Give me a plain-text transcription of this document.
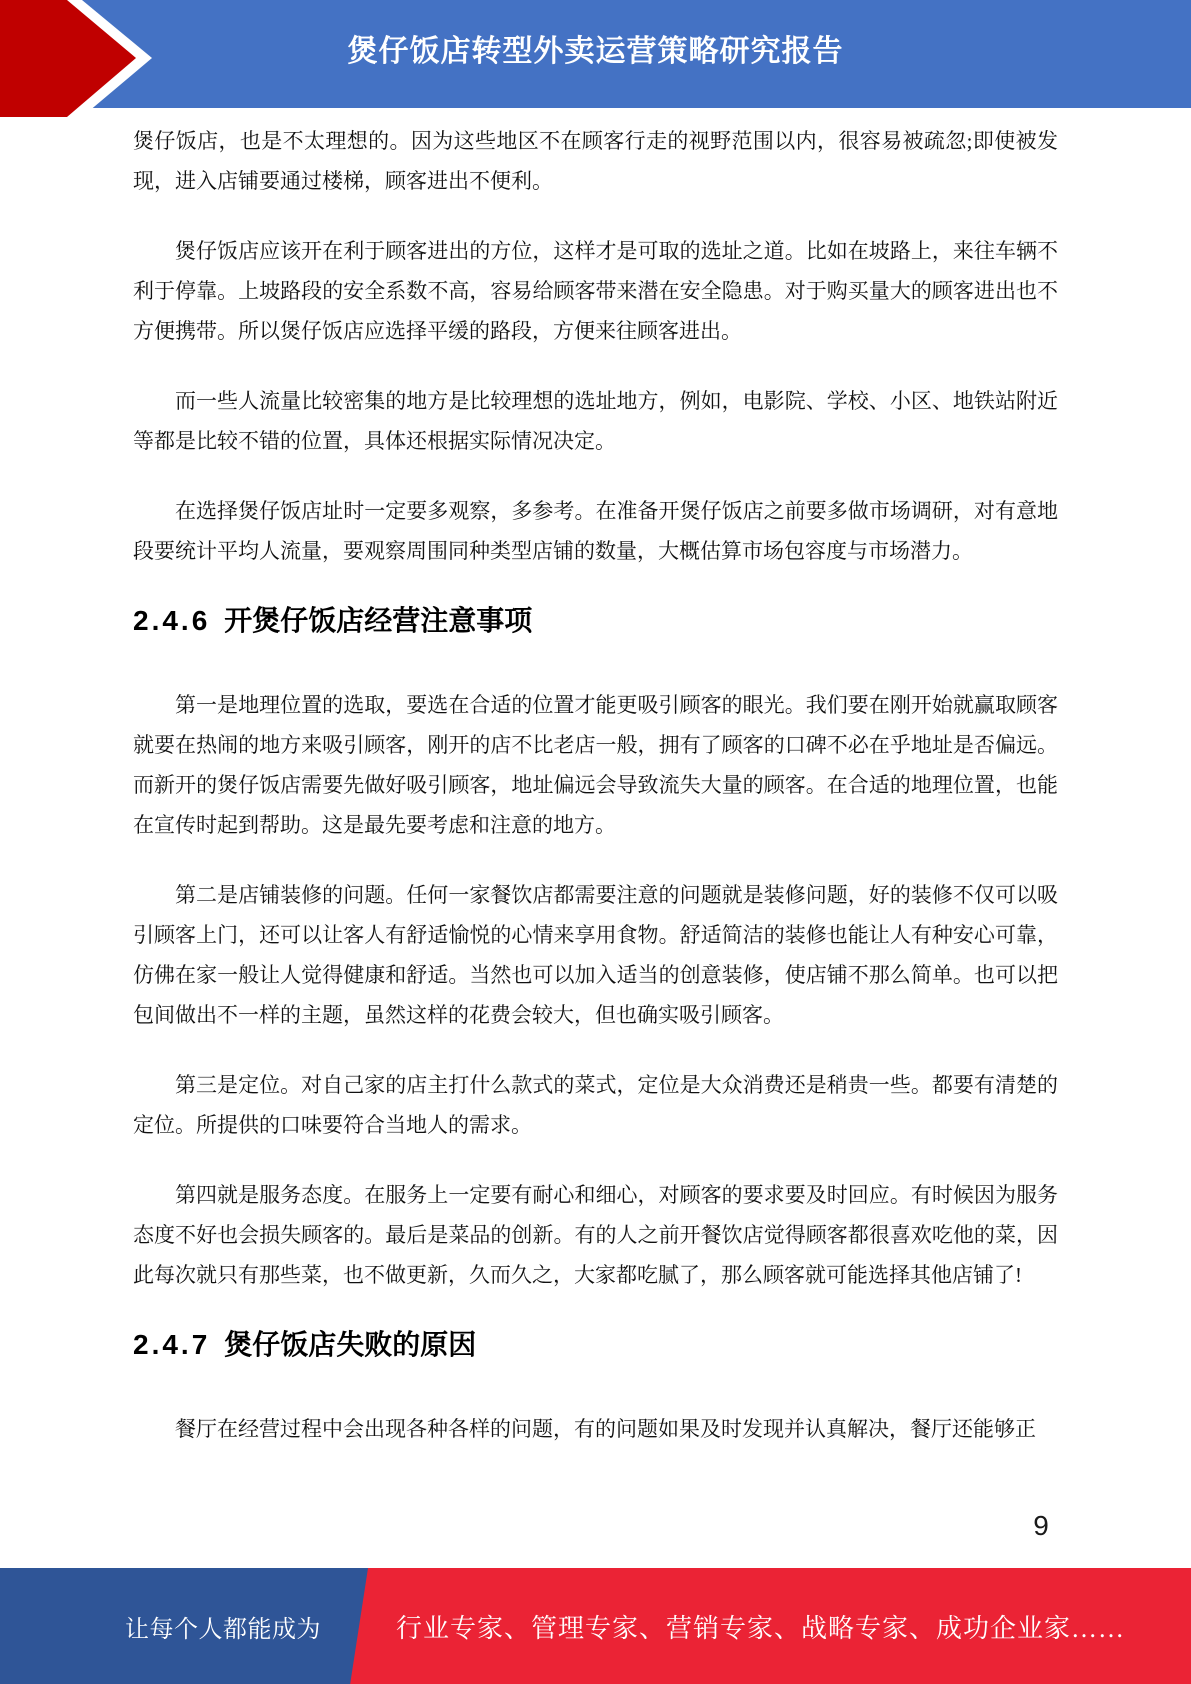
煲仔饭店转型外卖运营策略研究报告

煲仔饭店，也是不太理想的。因为这些地区不在顾客行走的视野范围以内，很容易被疏忽;即使被发现，进入店铺要通过楼梯，顾客进出不便利。

煲仔饭店应该开在利于顾客进出的方位，这样才是可取的选址之道。比如在坡路上，来往车辆不利于停靠。上坡路段的安全系数不高，容易给顾客带来潜在安全隐患。对于购买量大的顾客进出也不方便携带。所以煲仔饭店应选择平缓的路段，方便来往顾客进出。

而一些人流量比较密集的地方是比较理想的选址地方，例如，电影院、学校、小区、地铁站附近等都是比较不错的位置，具体还根据实际情况决定。

在选择煲仔饭店址时一定要多观察，多参考。在准备开煲仔饭店之前要多做市场调研，对有意地段要统计平均人流量，要观察周围同种类型店铺的数量，大概估算市场包容度与市场潜力。

2.4.6 开煲仔饭店经营注意事项

第一是地理位置的选取，要选在合适的位置才能更吸引顾客的眼光。我们要在刚开始就赢取顾客就要在热闹的地方来吸引顾客，刚开的店不比老店一般，拥有了顾客的口碑不必在乎地址是否偏远。而新开的煲仔饭店需要先做好吸引顾客，地址偏远会导致流失大量的顾客。在合适的地理位置，也能在宣传时起到帮助。这是最先要考虑和注意的地方。

第二是店铺装修的问题。任何一家餐饮店都需要注意的问题就是装修问题，好的装修不仅可以吸引顾客上门，还可以让客人有舒适愉悦的心情来享用食物。舒适简洁的装修也能让人有种安心可靠，仿佛在家一般让人觉得健康和舒适。当然也可以加入适当的创意装修，使店铺不那么简单。也可以把包间做出不一样的主题，虽然这样的花费会较大，但也确实吸引顾客。

第三是定位。对自己家的店主打什么款式的菜式，定位是大众消费还是稍贵一些。都要有清楚的定位。所提供的口味要符合当地人的需求。

第四就是服务态度。在服务上一定要有耐心和细心，对顾客的要求要及时回应。有时候因为服务态度不好也会损失顾客的。最后是菜品的创新。有的人之前开餐饮店觉得顾客都很喜欢吃他的菜，因此每次就只有那些菜，也不做更新，久而久之，大家都吃腻了，那么顾客就可能选择其他店铺了!

2.4.7 煲仔饭店失败的原因

餐厅在经营过程中会出现各种各样的问题，有的问题如果及时发现并认真解决，餐厅还能够正

9
让每个人都能成为	行业专家、管理专家、营销专家、战略专家、成功企业家……
